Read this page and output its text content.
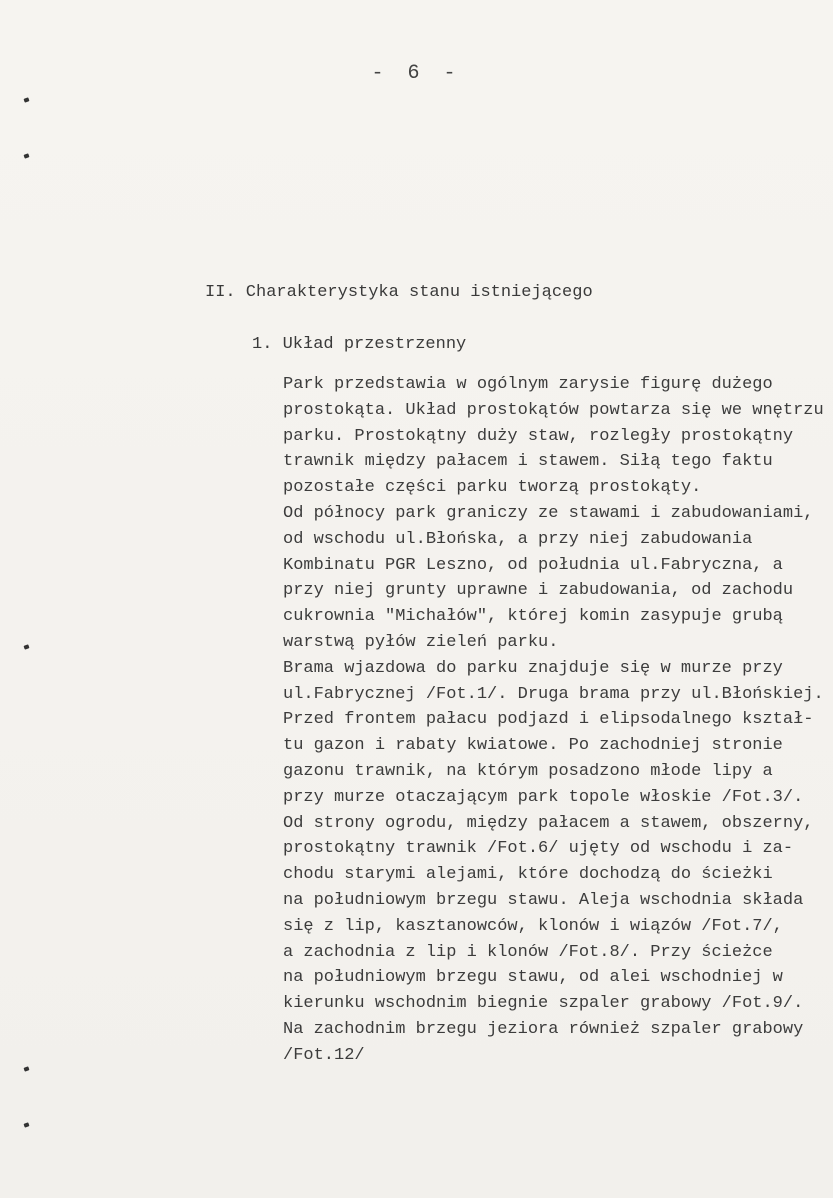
- 6 -
II. Charakterystyka stanu istniejącego
1. Układ przestrzenny
Park przedstawia w ogólnym zarysie figurę dużego
prostokąta. Układ prostokątów powtarza się we wnętrzu
parku. Prostokątny duży staw, rozległy prostokątny
trawnik między pałacem i stawem. Siłą tego faktu
pozostałe części parku tworzą prostokąty.
Od północy park graniczy ze stawami i zabudowaniami,
od wschodu ul.Błońska, a przy niej zabudowania
Kombinatu PGR Leszno, od południa ul.Fabryczna, a
przy niej grunty uprawne i zabudowania, od zachodu
cukrownia "Michałów", której komin zasypuje grubą
warstwą pyłów zieleń parku.
Brama wjazdowa do parku znajduje się w murze przy
ul.Fabrycznej /Fot.1/. Druga brama przy ul.Błońskiej.
Przed frontem pałacu podjazd i elipsodalnego kształ-
tu gazon i rabaty kwiatowe. Po zachodniej stronie
gazonu trawnik, na którym posadzono młode lipy a
przy murze otaczającym park topole włoskie /Fot.3/.
Od strony ogrodu, między pałacem a stawem, obszerny,
prostokątny trawnik /Fot.6/ ujęty od wschodu i za-
chodu starymi alejami, które dochodzą do ścieżki
na południowym brzegu stawu. Aleja wschodnia składa
się z lip, kasztanowców, klonów i wiązów /Fot.7/,
a zachodnia z lip i klonów /Fot.8/. Przy ścieżce
na południowym brzegu stawu, od alei wschodniej w
kierunku wschodnim biegnie szpaler grabowy /Fot.9/.
Na zachodnim brzegu jeziora również szpaler grabowy
/Fot.12/
